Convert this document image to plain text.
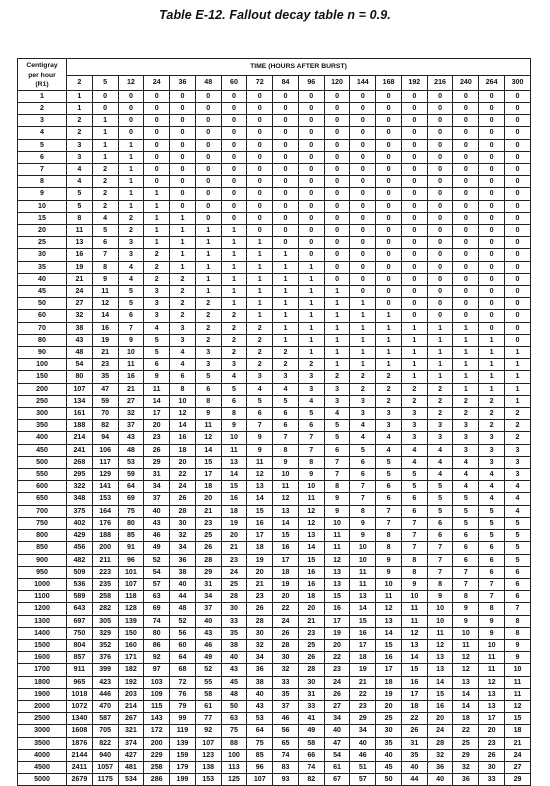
Table E-12. Fallout decay table n = 0.9.
Centigray
per hour
(R1)	TIME (HOURS AFTER BURST)																	
	2	5	12	24	36	48	60	72	84	96	120	144	168	192	216	240	264	300
1	1	0	0	0	0	0	0	0	0	0	0	0	0	0	0	0	0	0
2	1	0	0	0	0	0	0	0	0	0	0	0	0	0	0	0	0	0
3	2	1	0	0	0	0	0	0	0	0	0	0	0	0	0	0	0	0
4	2	1	0	0	0	0	0	0	0	0	0	0	0	0	0	0	0	0
5	3	1	1	0	0	0	0	0	0	0	0	0	0	0	0	0	0	0
6	3	1	1	0	0	0	0	0	0	0	0	0	0	0	0	0	0	0
7	4	2	1	0	0	0	0	0	0	0	0	0	0	0	0	0	0	0
8	4	2	1	0	0	0	0	0	0	0	0	0	0	0	0	0	0	0
9	5	2	1	1	0	0	0	0	0	0	0	0	0	0	0	0	0	0
10	5	2	1	1	0	0	0	0	0	0	0	0	0	0	0	0	0	0
15	8	4	2	1	1	0	0	0	0	0	0	0	0	0	0	0	0	0
20	11	5	2	1	1	1	1	0	0	0	0	0	0	0	0	0	0	0
25	13	6	3	1	1	1	1	1	0	0	0	0	0	0	0	0	0	0
30	16	7	3	2	1	1	1	1	1	0	0	0	0	0	0	0	0	0
35	19	8	4	2	1	1	1	1	1	1	0	0	0	0	0	0	0	0
40	21	9	4	2	2	1	1	1	1	1	0	0	0	0	0	0	0	0
45	24	11	5	3	2	1	1	1	1	1	1	0	0	0	0	0	0	0
50	27	12	5	3	2	2	1	1	1	1	1	1	0	0	0	0	0	0
60	32	14	6	3	2	2	2	1	1	1	1	1	1	0	0	0	0	0
70	38	16	7	4	3	2	2	2	1	1	1	1	1	1	1	1	0	0
80	43	19	9	5	3	2	2	2	1	1	1	1	1	1	1	1	1	0
90	48	21	10	5	4	3	2	2	2	1	1	1	1	1	1	1	1	1
100	54	23	11	6	4	3	3	2	2	2	1	1	1	1	1	1	1	1
150	80	35	16	9	6	5	4	3	3	3	2	2	2	1	1	1	1	1
200	107	47	21	11	8	6	5	4	4	3	3	2	2	2	2	1	1	1
250	134	59	27	14	10	8	6	5	5	4	3	3	2	2	2	2	2	1
300	161	70	32	17	12	9	8	6	6	5	4	3	3	3	2	2	2	2
350	188	82	37	20	14	11	9	7	6	6	5	4	3	3	3	3	2	2
400	214	94	43	23	16	12	10	9	7	7	5	4	4	3	3	3	3	2
450	241	106	48	26	18	14	11	9	8	7	6	5	4	4	4	3	3	3
500	268	117	53	29	20	15	13	11	9	8	7	6	5	4	4	4	3	3
550	295	129	59	31	22	17	14	12	10	9	7	6	5	5	4	4	4	3
600	322	141	64	34	24	18	15	13	11	10	8	7	6	5	5	4	4	4
650	348	153	69	37	26	20	16	14	12	11	9	7	6	6	5	5	4	4
700	375	164	75	40	28	21	18	15	13	12	9	8	7	6	5	5	5	4
750	402	176	80	43	30	23	19	16	14	12	10	9	7	7	6	5	5	5
800	429	188	85	46	32	25	20	17	15	13	11	9	8	7	6	6	5	5
850	456	200	91	49	34	26	21	18	16	14	11	10	8	7	7	6	6	5
900	482	211	96	52	36	28	23	19	17	15	12	10	9	8	7	6	6	5
950	509	223	101	54	38	29	24	20	18	16	13	11	9	8	7	7	6	6
1000	536	235	107	57	40	31	25	21	19	16	13	11	10	9	8	7	7	6
1100	589	258	118	63	44	34	28	23	20	18	15	13	11	10	9	8	7	6
1200	643	282	128	69	48	37	30	26	22	20	16	14	12	11	10	9	8	7
1300	697	305	139	74	52	40	33	28	24	21	17	15	13	11	10	9	9	8
1400	750	329	150	80	56	43	35	30	26	23	19	16	14	12	11	10	9	8
1500	804	352	160	86	60	46	38	32	28	25	20	17	15	13	12	11	10	9
1600	857	376	171	92	64	49	40	34	30	26	22	18	16	14	13	12	11	9
1700	911	399	182	97	68	52	43	36	32	28	23	19	17	15	13	12	11	10
1800	965	423	192	103	72	55	45	38	33	30	24	21	18	16	14	13	12	11
1900	1018	446	203	109	76	58	48	40	35	31	26	22	19	17	15	14	13	11
2000	1072	470	214	115	79	61	50	43	37	33	27	23	20	18	16	14	13	12
2500	1340	587	267	143	99	77	63	53	46	41	34	29	25	22	20	18	17	15
3000	1608	705	321	172	119	92	75	64	56	49	40	34	30	26	24	22	20	18
3500	1876	822	374	200	139	107	88	75	65	58	47	40	35	31	28	25	23	21
4000	2144	940	427	229	159	123	100	85	74	66	54	46	40	35	32	29	26	24
4500	2411	1057	481	258	179	138	113	96	83	74	61	51	45	40	36	32	30	27
5000	2679	1175	534	286	199	153	125	107	93	82	67	57	50	44	40	36	33	29
